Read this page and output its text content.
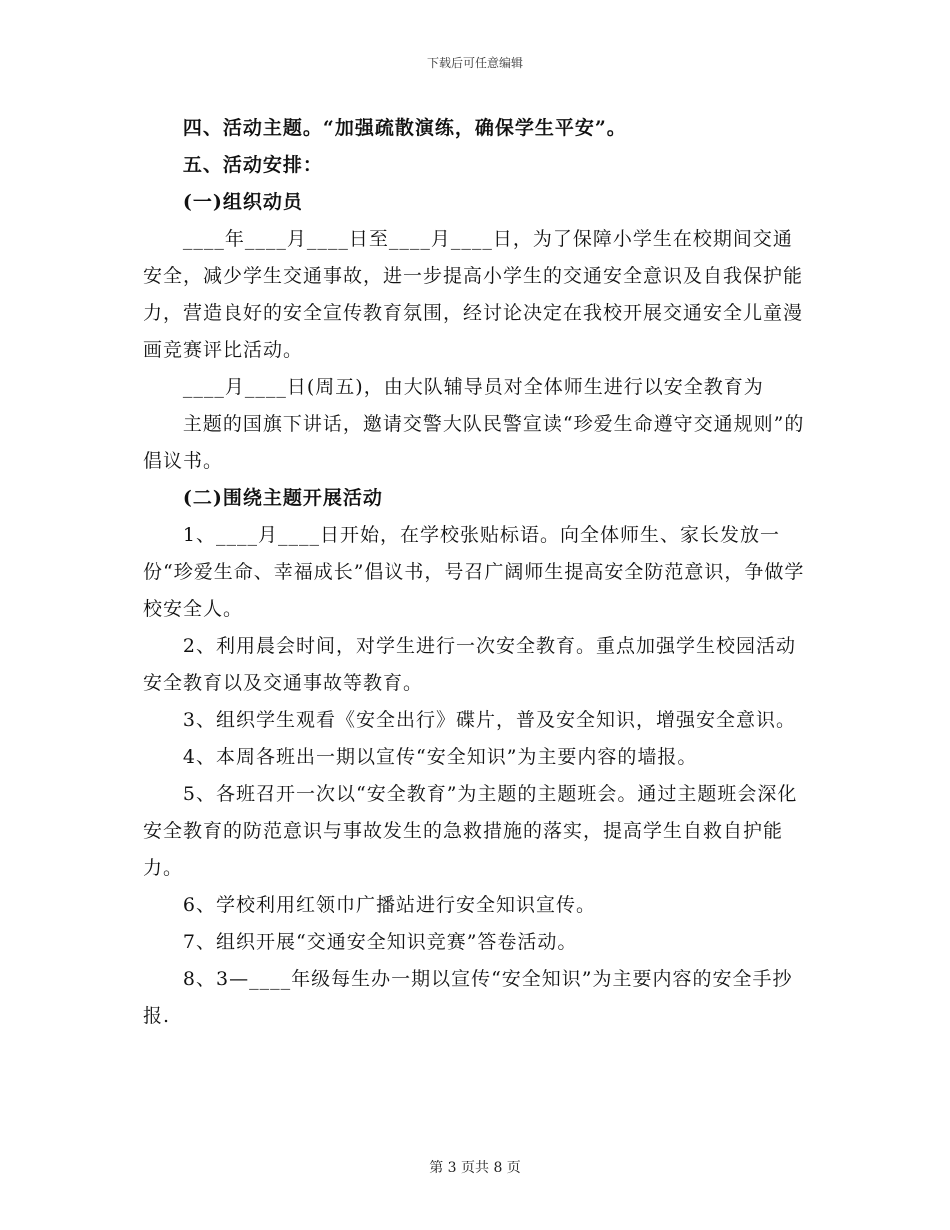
下载后可任意编辑

四、活动主题。“加强疏散演练，确保学生平安”。

五、活动安排：

(一)组织动员

____年____月____日至____月____日，为了保障小学生在校期间交通安全，减少学生交通事故，进一步提高小学生的交通安全意识及自我保护能力，营造良好的安全宣传教育氛围，经讨论决定在我校开展交通安全儿童漫画竞赛评比活动。

____月____日(周五)，由大队辅导员对全体师生进行以安全教育为

主题的国旗下讲话，邀请交警大队民警宣读“珍爱生命遵守交通规则”的倡议书。

(二)围绕主题开展活动

1、____月____日开始，在学校张贴标语。向全体师生、家长发放一份“珍爱生命、幸福成长”倡议书，号召广阔师生提高安全防范意识，争做学校安全人。

2、利用晨会时间，对学生进行一次安全教育。重点加强学生校园活动安全教育以及交通事故等教育。

3、组织学生观看《安全出行》碟片，普及安全知识，增强安全意识。

4、本周各班出一期以宣传“安全知识”为主要内容的墙报。

5、各班召开一次以“安全教育”为主题的主题班会。通过主题班会深化安全教育的防范意识与事故发生的急救措施的落实，提高学生自救自护能力。

6、学校利用红领巾广播站进行安全知识宣传。

7、组织开展“交通安全知识竞赛”答卷活动。

8、3—____年级每生办一期以宣传“安全知识”为主要内容的安全手抄报.

第 3 页共 8 页
